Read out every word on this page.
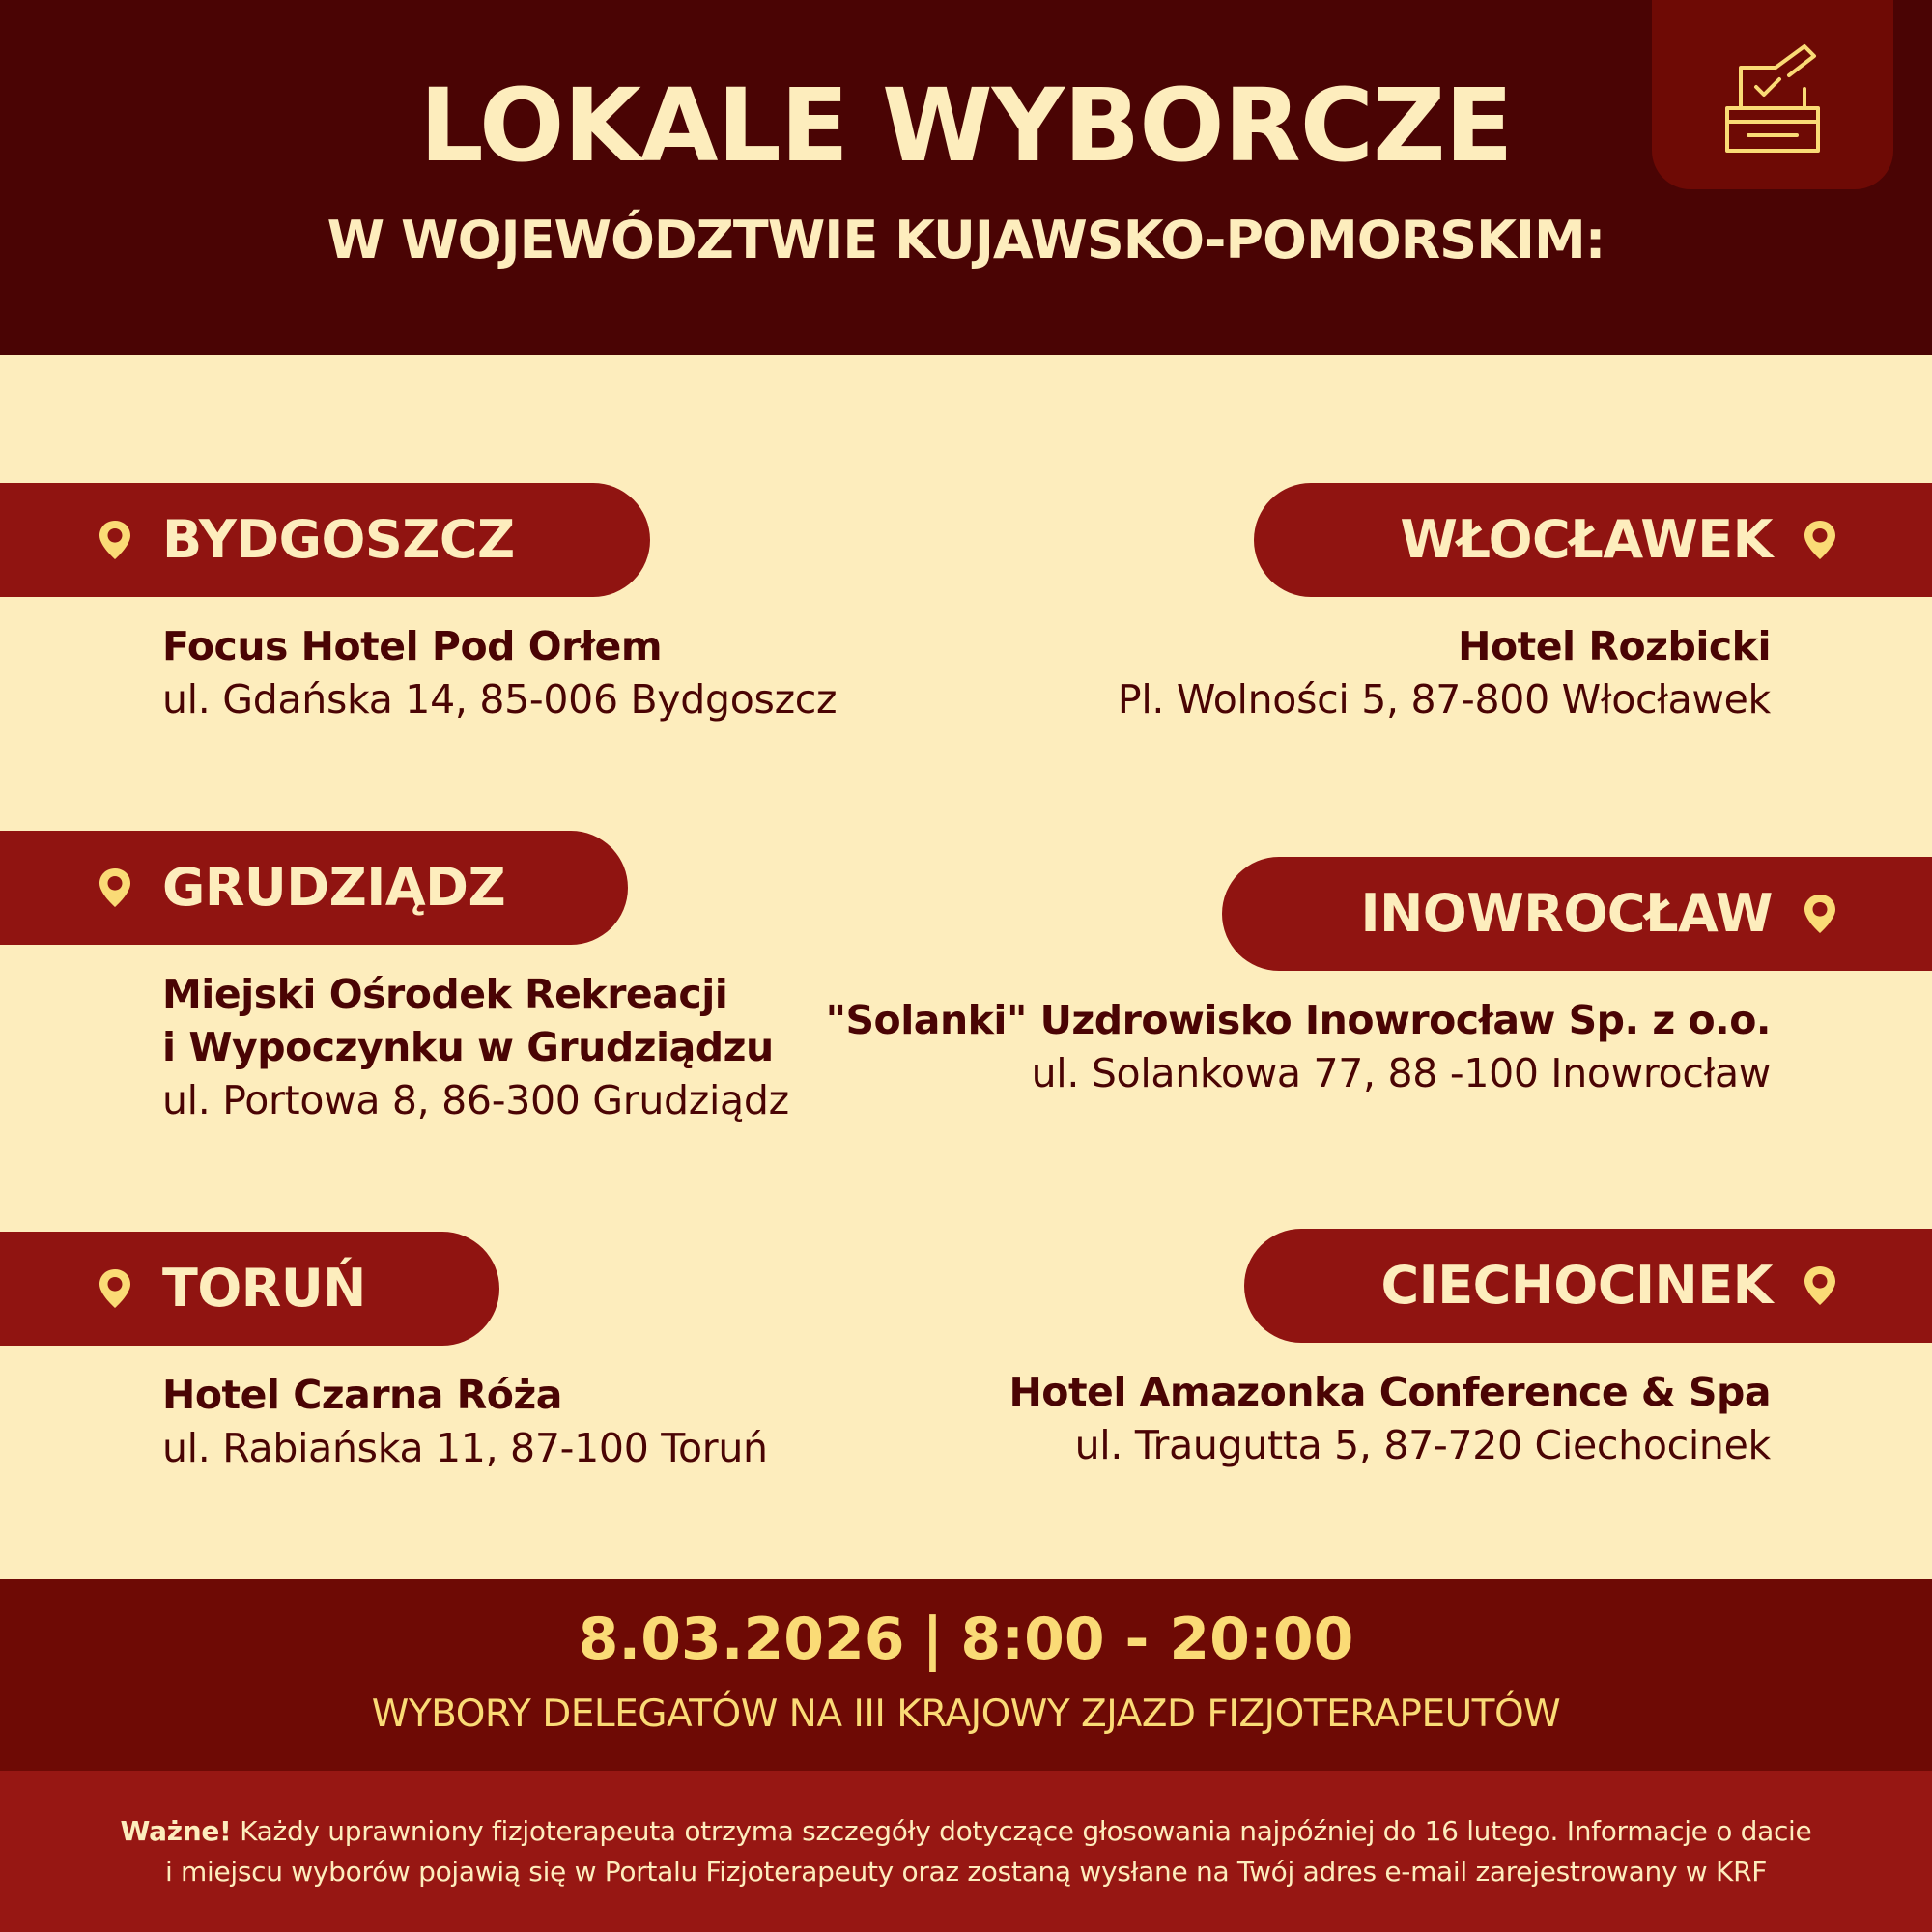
LOKALE WYBORCZE
W WOJEWÓDZTWIE KUJAWSKO-POMORSKIM:
BYDGOSZCZ
Focus Hotel Pod Orłem
ul. Gdańska 14, 85-006 Bydgoszcz
WŁOCŁAWEK
Hotel Rozbicki
Pl. Wolności 5, 87-800 Włocławek
GRUDZIĄDZ
Miejski Ośrodek Rekreacji
i Wypoczynku w Grudziądzu
ul. Portowa 8, 86-300 Grudziądz
INOWROCŁAW
"Solanki" Uzdrowisko Inowrocław Sp. z o.o.
ul. Solankowa 77, 88 -100 Inowrocław
TORUŃ
Hotel Czarna Róża
ul. Rabiańska 11, 87-100 Toruń
CIECHOCINEK
Hotel Amazonka Conference & Spa
ul. Traugutta 5, 87-720 Ciechocinek
8.03.2026 | 8:00 - 20:00
WYBORY DELEGATÓW NA III KRAJOWY ZJAZD FIZJOTERAPEUTÓW
Ważne! Każdy uprawniony fizjoterapeuta otrzyma szczegóły dotyczące głosowania najpóźniej do 16 lutego. Informacje o dacie
i miejscu wyborów pojawią się w Portalu Fizjoterapeuty oraz zostaną wysłane na Twój adres e-mail zarejestrowany w KRF
